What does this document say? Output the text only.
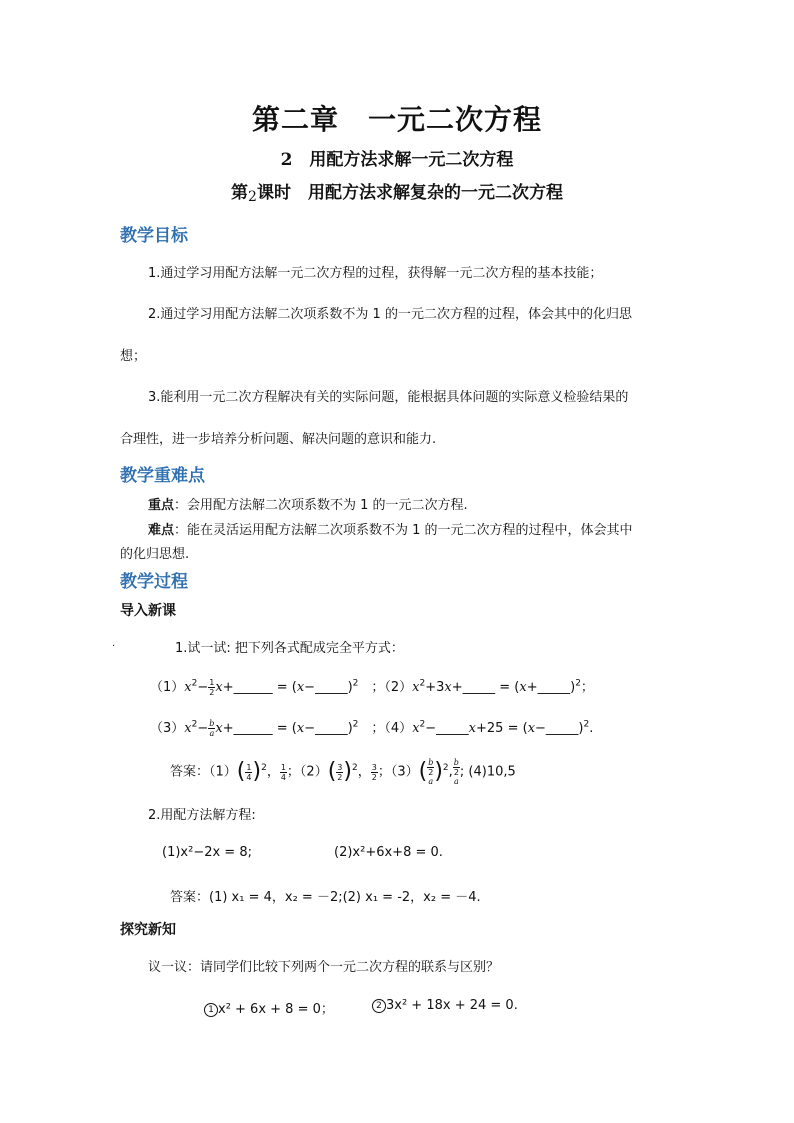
第二章　一元二次方程
2　用配方法求解一元二次方程
第2课时　用配方法求解复杂的一元二次方程
教学目标
1.通过学习用配方法解一元二次方程的过程，获得解一元二次方程的基本技能；
2.通过学习用配方法解二次项系数不为 1 的一元二次方程的过程，体会其中的化归思
想；
3.能利用一元二次方程解决有关的实际问题，能根据具体问题的实际意义检验结果的
合理性，进一步培养分析问题、解决问题的意识和能力.
教学重难点
重点：会用配方法解二次项系数不为 1 的一元二次方程.
难点：能在灵活运用配方法解二次项系数不为 1 的一元二次方程的过程中，体会其中
的化归思想.
教学过程
导入新课
.	1.试一试: 把下列各式配成完全平方式：
$(1)x^2- \frac{1}{2}$ x+______ = (x−_____)$^2$　；$(2)x^2+3x+\_\_\_\_\_$ = (x+_____)$^2$；
$(3)x^2- \frac{b}{a}$ x+______ = (x−_____)$^2$　；$(4)x^2-\_\_\_\_\_x+25$ = (x−_____)$^2$.
答案：$(1)( \frac{1}{4} )^2$， $\frac{1}{4}$ ；$(2)( \frac{3}{2} )^2$， $\frac{3}{2}$ ；（3）( b
2
a )$^2$, b
2
a ; (4)10,5
2.用配方法解方程:
(1)x²−2x = 8;	(2)x²+6x+8 = 0.
答案：(1) x₁ = 4，x₂ = －2;(2) x₁ = -2，x₂ = －4.
探究新知
议一议：请同学们比较下列两个一元二次方程的联系与区别？
1 x² + 6x + 8 = 0；	2 3x² + 18x + 24 = 0.
